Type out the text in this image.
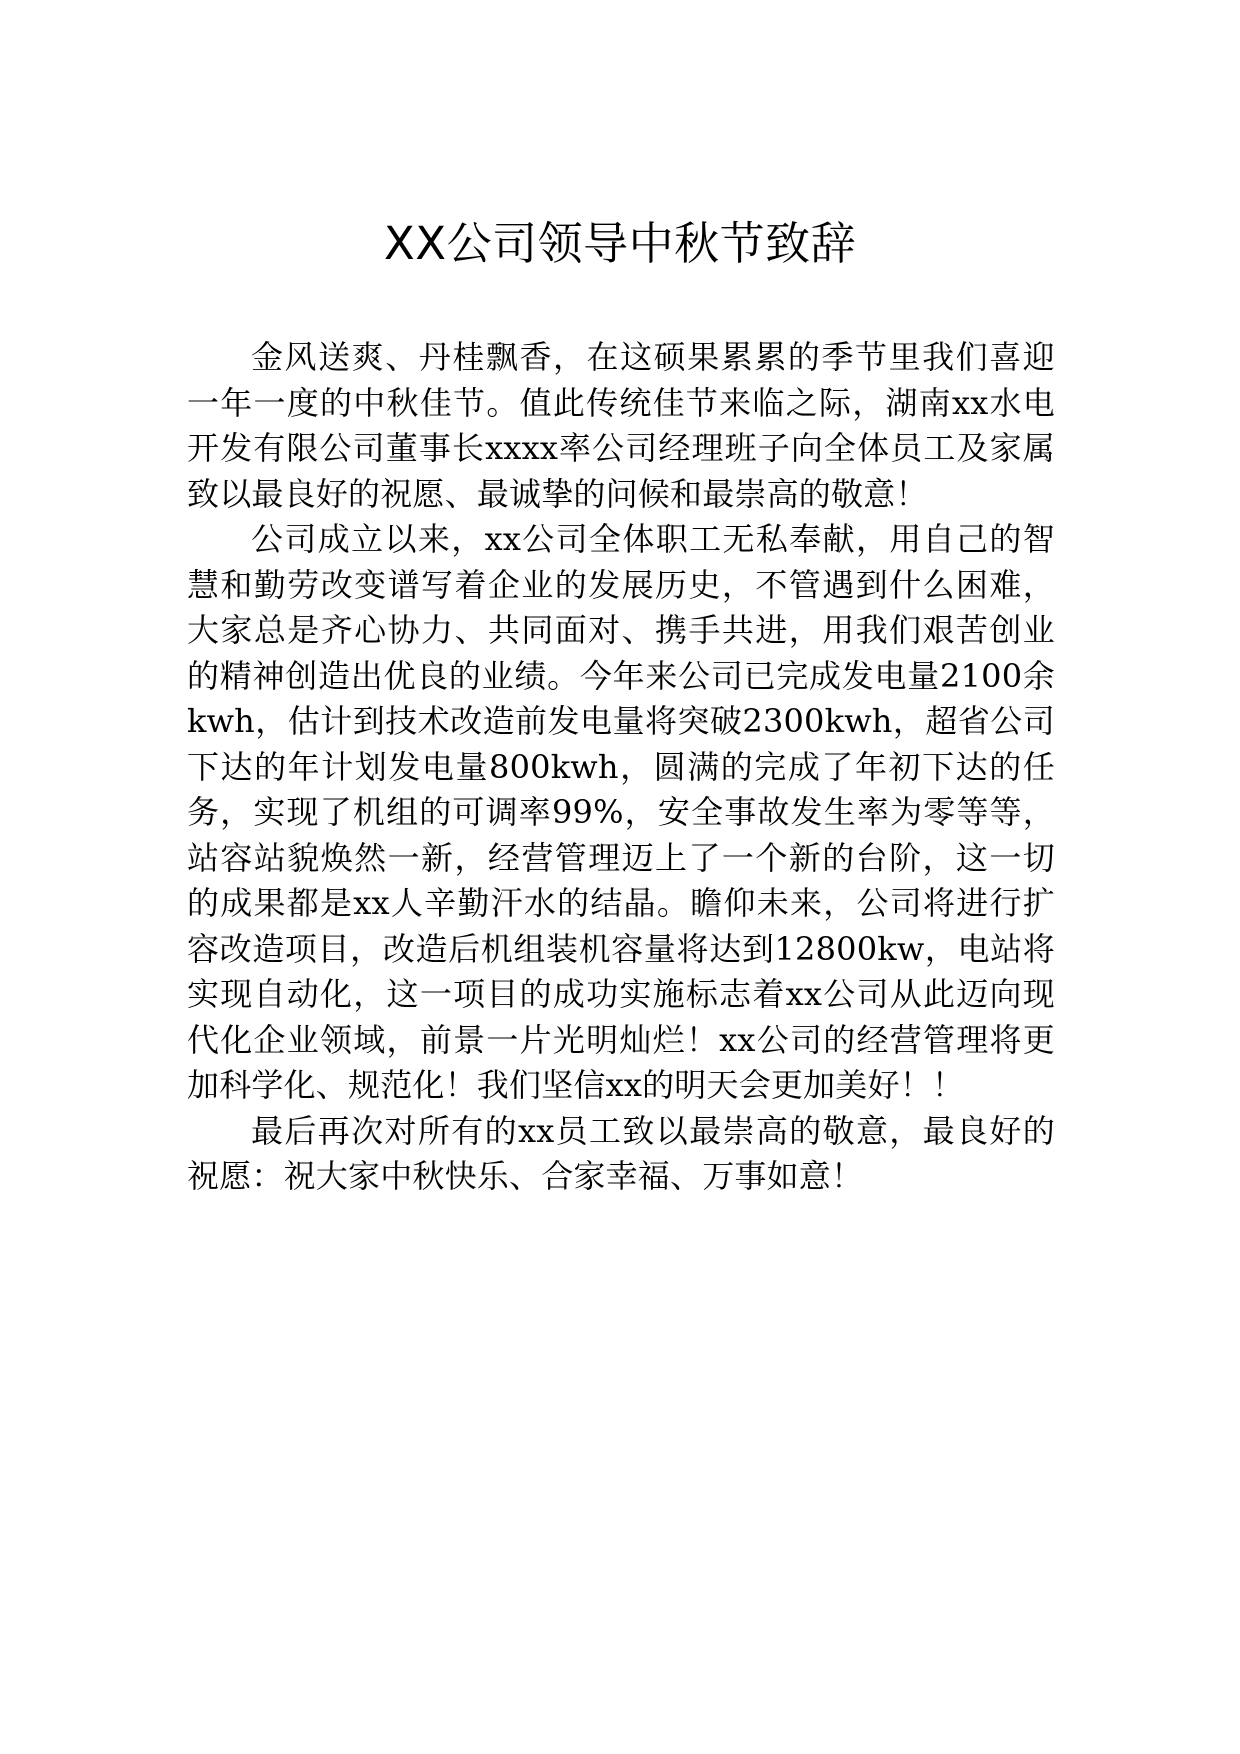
XX公司领导中秋节致辞

金风送爽、丹桂飘香，在这硕果累累的季节里我们喜迎一年一度的中秋佳节。值此传统佳节来临之际，湖南xx水电开发有限公司董事长xxxx率公司经理班子向全体员工及家属致以最良好的祝愿、最诚挚的问候和最崇高的敬意！

公司成立以来，xx公司全体职工无私奉献，用自己的智慧和勤劳改变谱写着企业的发展历史，不管遇到什么困难，大家总是齐心协力、共同面对、携手共进，用我们艰苦创业的精神创造出优良的业绩。今年来公司已完成发电量2100余kwh，估计到技术改造前发电量将突破2300kwh，超省公司下达的年计划发电量800kwh，圆满的完成了年初下达的任务，实现了机组的可调率99%，安全事故发生率为零等等，站容站貌焕然一新，经营管理迈上了一个新的台阶，这一切的成果都是xx人辛勤汗水的结晶。瞻仰未来，公司将进行扩容改造项目，改造后机组装机容量将达到12800kw，电站将实现自动化，这一项目的成功实施标志着xx公司从此迈向现代化企业领域，前景一片光明灿烂！xx公司的经营管理将更加科学化、规范化！我们坚信xx的明天会更加美好！！

最后再次对所有的xx员工致以最崇高的敬意，最良好的祝愿：祝大家中秋快乐、合家幸福、万事如意！
